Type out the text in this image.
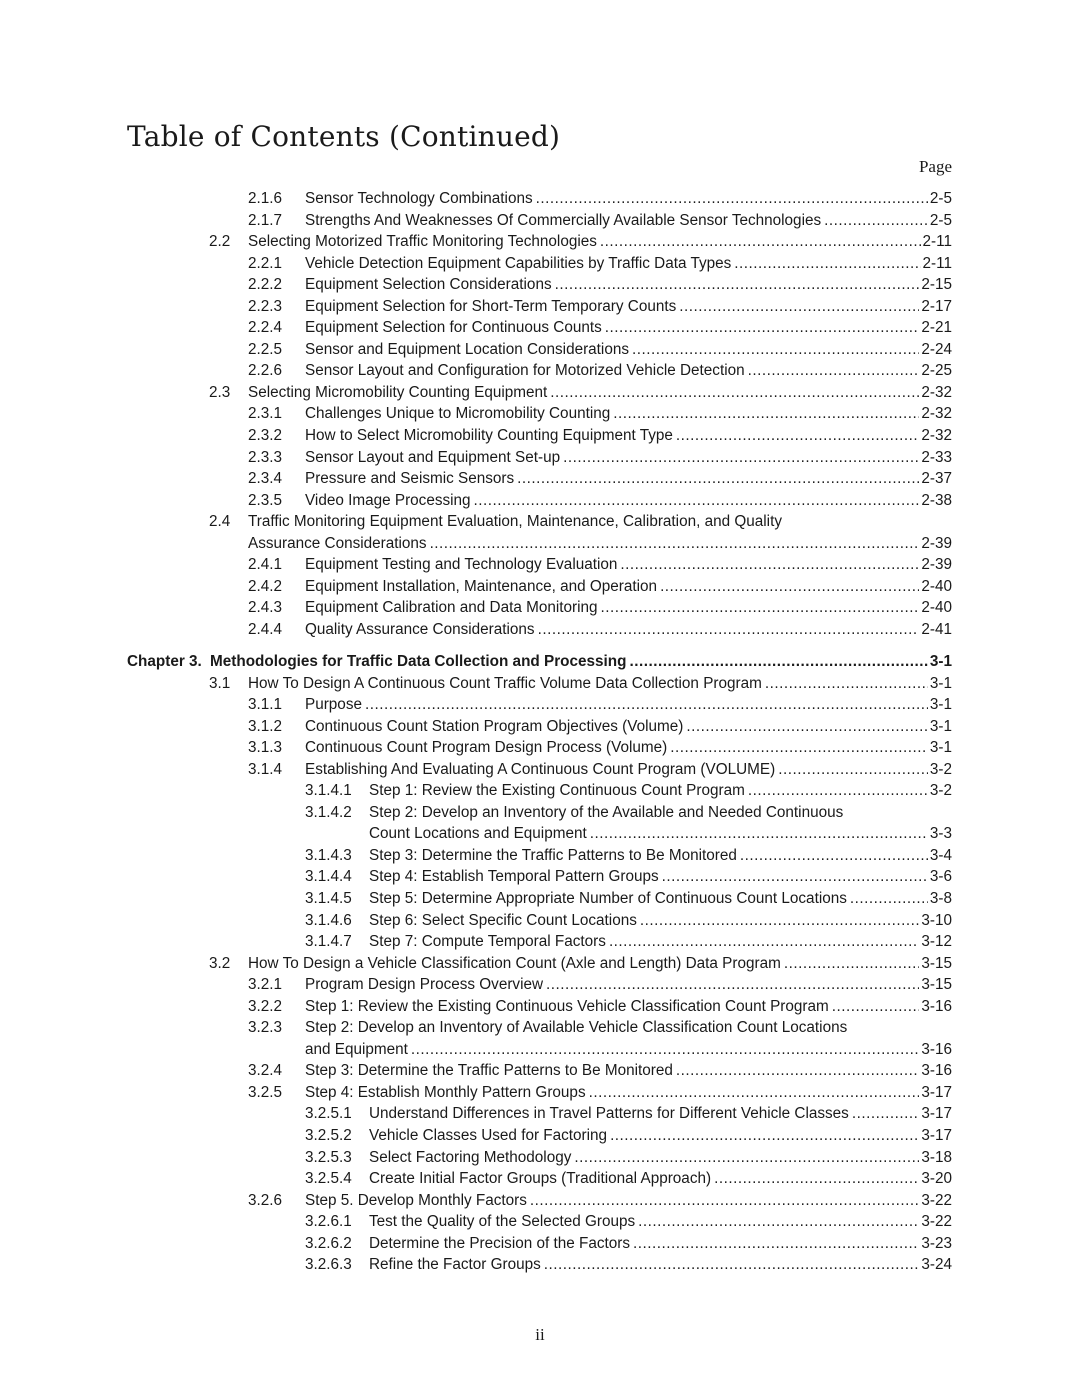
Table of Contents (Continued)
Page
2.1.6 Sensor Technology Combinations .....	2-5
2.1.7 Strengths And Weaknesses Of Commercially Available Sensor Technologies .....	2-5
2.2 Selecting Motorized Traffic Monitoring Technologies .....	2-11
2.2.1 Vehicle Detection Equipment Capabilities by Traffic Data Types .....	2-11
2.2.2 Equipment Selection Considerations .....	2-15
2.2.3 Equipment Selection for Short-Term Temporary Counts .....	2-17
2.2.4 Equipment Selection for Continuous Counts .....	2-21
2.2.5 Sensor and Equipment Location Considerations .....	2-24
2.2.6 Sensor Layout and Configuration for Motorized Vehicle Detection .....	2-25
2.3 Selecting Micromobility Counting Equipment .....	2-32
2.3.1 Challenges Unique to Micromobility Counting .....	2-32
2.3.2 How to Select Micromobility Counting Equipment Type .....	2-32
2.3.3 Sensor Layout and Equipment Set-up .....	2-33
2.3.4 Pressure and Seismic Sensors .....	2-37
2.3.5 Video Image Processing .....	2-38
2.4 Traffic Monitoring Equipment Evaluation, Maintenance, Calibration, and Quality
Assurance Considerations .....	2-39
2.4.1 Equipment Testing and Technology Evaluation .....	2-39
2.4.2 Equipment Installation, Maintenance, and Operation .....	2-40
2.4.3 Equipment Calibration and Data Monitoring .....	2-40
2.4.4 Quality Assurance Considerations .....	2-41
Chapter 3. Methodologies for Traffic Data Collection and Processing .....	3-1
3.1 How To Design A Continuous Count Traffic Volume Data Collection Program .....	3-1
3.1.1 Purpose .....	3-1
3.1.2 Continuous Count Station Program Objectives (Volume) .....	3-1
3.1.3 Continuous Count Program Design Process (Volume) .....	3-1
3.1.4 Establishing And Evaluating A Continuous Count Program (VOLUME) .....	3-2
3.1.4.1 Step 1: Review the Existing Continuous Count Program .....	3-2
3.1.4.2 Step 2: Develop an Inventory of the Available and Needed Continuous
Count Locations and Equipment .....	3-3
3.1.4.3 Step 3: Determine the Traffic Patterns to Be Monitored .....	3-4
3.1.4.4 Step 4: Establish Temporal Pattern Groups .....	3-6
3.1.4.5 Step 5: Determine Appropriate Number of Continuous Count Locations .....	3-8
3.1.4.6 Step 6: Select Specific Count Locations .....	3-10
3.1.4.7 Step 7: Compute Temporal Factors .....	3-12
3.2 How To Design a Vehicle Classification Count (Axle and Length) Data Program .....	3-15
3.2.1 Program Design Process Overview .....	3-15
3.2.2 Step 1: Review the Existing Continuous Vehicle Classification Count Program .....	3-16
3.2.3 Step 2: Develop an Inventory of Available Vehicle Classification Count Locations
and Equipment .....	3-16
3.2.4 Step 3: Determine the Traffic Patterns to Be Monitored .....	3-16
3.2.5 Step 4: Establish Monthly Pattern Groups .....	3-17
3.2.5.1 Understand Differences in Travel Patterns for Different Vehicle Classes .....	3-17
3.2.5.2 Vehicle Classes Used for Factoring .....	3-17
3.2.5.3 Select Factoring Methodology .....	3-18
3.2.5.4 Create Initial Factor Groups (Traditional Approach) .....	3-20
3.2.6 Step 5. Develop Monthly Factors .....	3-22
3.2.6.1 Test the Quality of the Selected Groups .....	3-22
3.2.6.2 Determine the Precision of the Factors .....	3-23
3.2.6.3 Refine the Factor Groups .....	3-24
ii
